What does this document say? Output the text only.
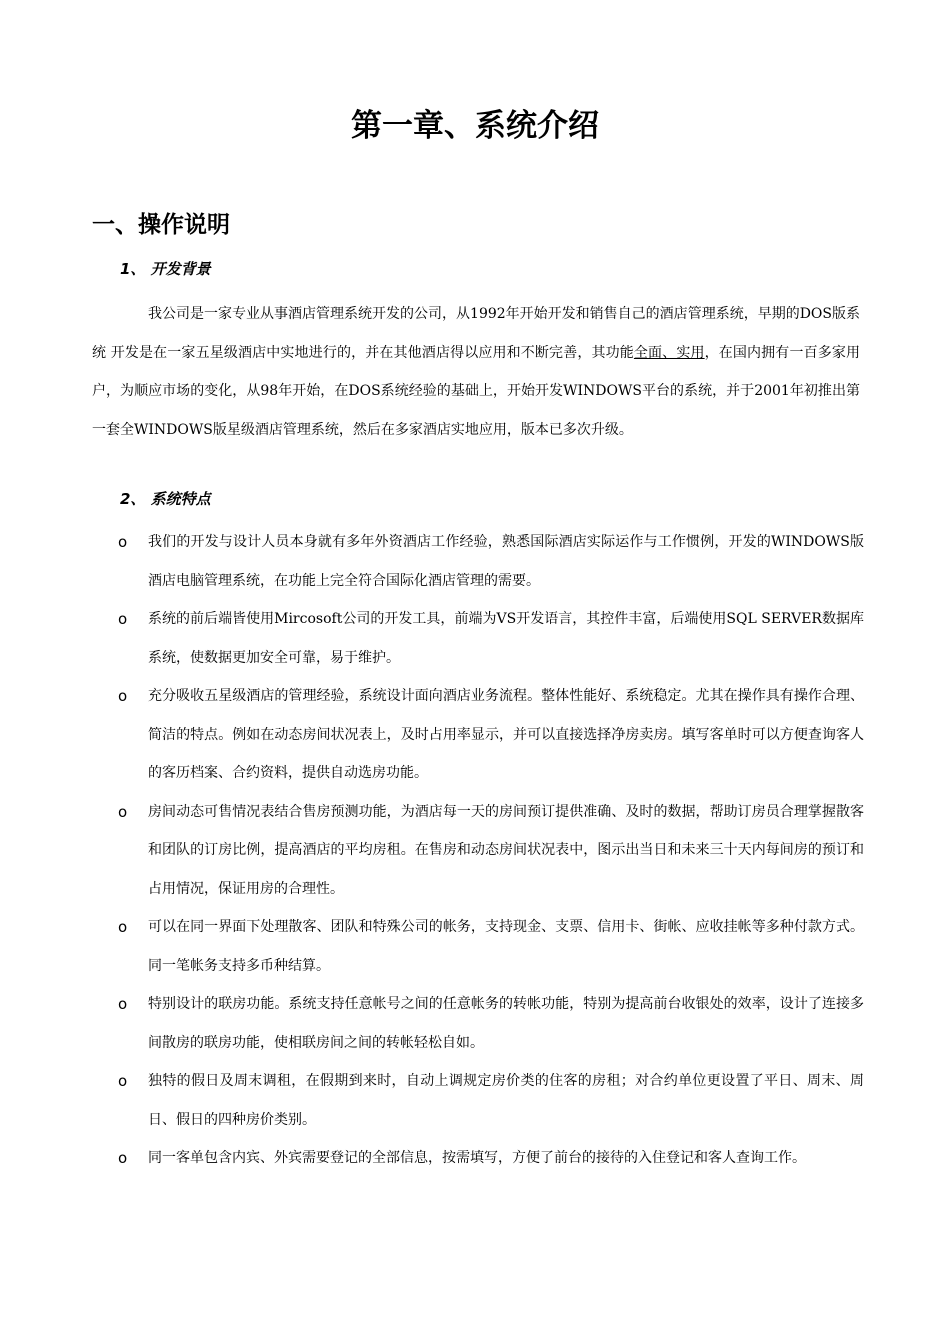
第一章、系统介绍
一、操作说明
1、 开发背景

我公司是一家专业从事酒店管理系统开发的公司，从1992年开始开发和销售自己的酒店管理系统，早期的DOS版系统 开发是在一家五星级酒店中实地进行的，并在其他酒店得以应用和不断完善，其功能全面、实用，在国内拥有一百多家用户，为顺应市场的变化，从98年开始，在DOS系统经验的基础上，开始开发WINDOWS平台的系统，并于2001年初推出第一套全WINDOWS版星级酒店管理系统，然后在多家酒店实地应用，版本已多次升级。

2、 系统特点
o 我们的开发与设计人员本身就有多年外资酒店工作经验，熟悉国际酒店实际运作与工作惯例，开发的WINDOWS版酒店电脑管理系统，在功能上完全符合国际化酒店管理的需要。
o 系统的前后端皆使用Mircosoft公司的开发工具，前端为VS开发语言，其控件丰富，后端使用SQL SERVER数据库系统，使数据更加安全可靠，易于维护。
o 充分吸收五星级酒店的管理经验，系统设计面向酒店业务流程。整体性能好、系统稳定。尤其在操作具有操作合理、简洁的特点。例如在动态房间状况表上，及时占用率显示，并可以直接选择净房卖房。填写客单时可以方便查询客人的客历档案、合约资料，提供自动选房功能。
o 房间动态可售情况表结合售房预测功能，为酒店每一天的房间预订提供准确、及时的数据，帮助订房员合理掌握散客和团队的订房比例，提高酒店的平均房租。在售房和动态房间状况表中，图示出当日和未来三十天内每间房的预订和占用情况，保证用房的合理性。
o 可以在同一界面下处理散客、团队和特殊公司的帐务，支持现金、支票、信用卡、街帐、应收挂帐等多种付款方式。同一笔帐务支持多币种结算。
o 特别设计的联房功能。系统支持任意帐号之间的任意帐务的转帐功能，特别为提高前台收银处的效率，设计了连接多间散房的联房功能，使相联房间之间的转帐轻松自如。
o 独特的假日及周末调租，在假期到来时，自动上调规定房价类的住客的房租；对合约单位更设置了平日、周末、周日、假日的四种房价类别。
o 同一客单包含内宾、外宾需要登记的全部信息，按需填写，方便了前台的接待的入住登记和客人查询工作。
